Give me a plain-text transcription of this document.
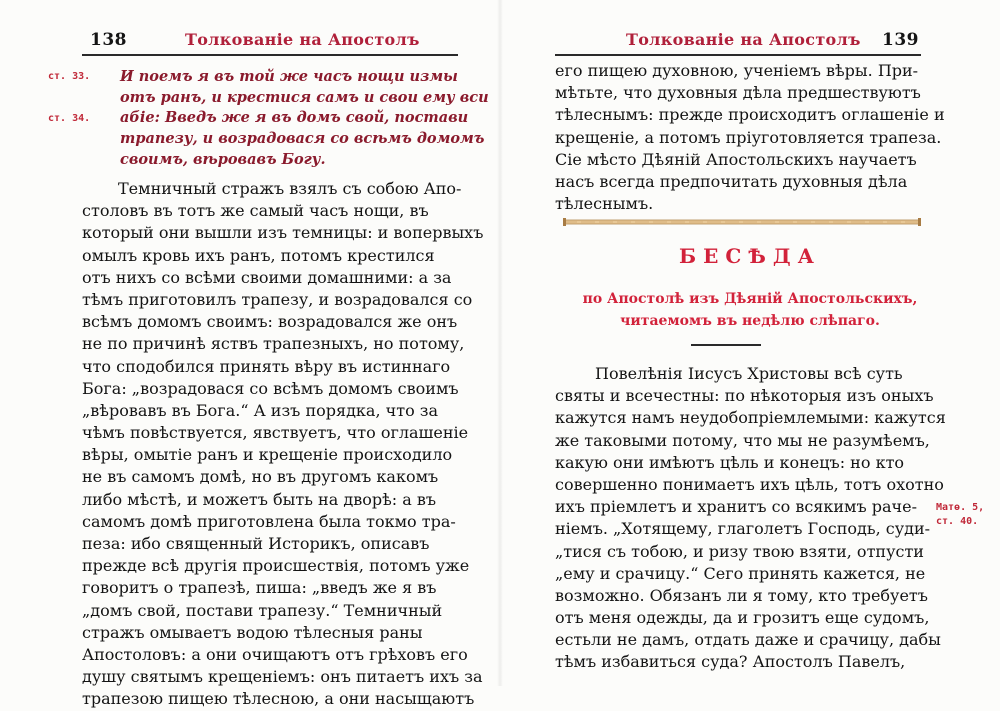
138	Толкованіе на Апостолъ
ст. 33.
ст. 34.
И поемъ я въ той же часъ нощи измы
отъ ранъ, и крестися самъ и свои ему вси
абіе: Введъ же я въ домъ свой, постави
трапезу, и возрадовася со всѣмъ домомъ
своимъ, вѣровавъ Богу.
Темничный стражъ взялъ съ собою Апо-
столовъ въ тотъ же самый часъ нощи, въ
который они вышли изъ темницы: и вопервыхъ
омылъ кровь ихъ ранъ, потомъ крестился
отъ нихъ со всѣми своими домашними: а за
тѣмъ приготовилъ трапезу, и возрадовался со
всѣмъ домомъ своимъ: возрадовался же онъ
не по причинѣ яствъ трапезныхъ, но потому,
что сподобился принять вѣру въ истиннаго
Бога: „возрадовася со всѣмъ домомъ своимъ
„вѣровавъ въ Бога.“ А изъ порядка, что за
чѣмъ повѣствуется, явствуетъ, что оглашеніе
вѣры, омытіе ранъ и крещеніе происходило
не въ самомъ домѣ, но въ другомъ какомъ
либо мѣстѣ, и можетъ быть на дворѣ: а въ
самомъ домѣ приготовлена была токмо тра-
пеза: ибо священный Историкъ, описавъ
прежде всѣ другія происшествія, потомъ уже
говоритъ о трапезѣ, пиша: „введъ же я въ
„домъ свой, постави трапезу.“ Темничный
стражъ омываетъ водою тѣлесныя раны
Апостоловъ: а они очищаютъ отъ грѣховъ его
душу святымъ крещеніемъ: онъ питаетъ ихъ за
трапезою пищею тѣлесною, а они насыщаютъ
Толкованіе на Апостолъ 139
его пищею духовною, ученіемъ вѣры. При-
мѣтьте, что духовныя дѣла предшествуютъ
тѣлеснымъ: прежде происходитъ оглашеніе и
крещеніе, а потомъ пріуготовляется трапеза.
Сіе мѣсто Дѣяній Апостольскихъ научаетъ
насъ всегда предпочитать духовныя дѣла
тѣлеснымъ.
БЕСѢДА
по Апостолѣ изъ Дѣяній Апостольскихъ,
читаемомъ въ недѣлю слѣпаго.
Матѳ. 5,
ст. 40.
Повелѣнія Іисусъ Христовы всѣ суть
святы и всечестны: по нѣкоторыя изъ оныхъ
кажутся намъ неудобопріемлемыми: кажутся
же таковыми потому, что мы не разумѣемъ,
какую они имѣютъ цѣль и конецъ: но кто
совершенно понимаетъ ихъ цѣль, тотъ охотно
ихъ пріемлетъ и хранитъ со всякимъ раче-
ніемъ. „Хотящему, глаголетъ Господь, суди-
„тися съ тобою, и ризу твою взяти, отпусти
„ему и срачицу.“ Сего принять кажется, не
возможно. Обязанъ ли я тому, кто требуетъ
отъ меня одежды, да и грозитъ еще судомъ,
естьли не дамъ, отдать даже и срачицу, дабы
тѣмъ избавиться суда? Апостолъ Павелъ,
